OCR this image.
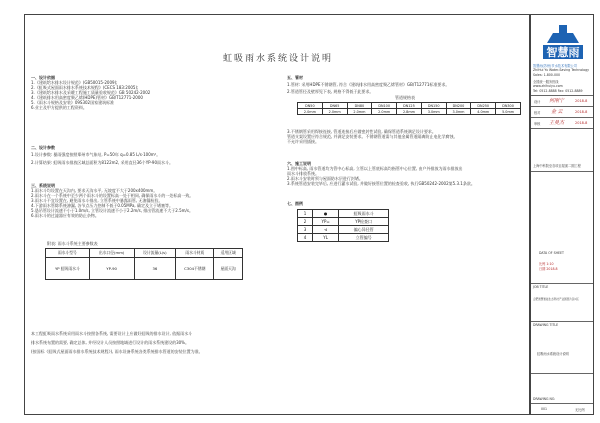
虹吸雨水系统设计说明
一、设计依据
1.《建筑给水排水设计规范》(GB50015-2009);
2.《虹吸式屋面雨水排水系统技术规程》(CECS 183:2005);
3.《建筑给水排水及采暖工程施工质量验收规范》GB 50242-2002
4.《建筑排水用高密度聚乙烯(HDPE)管材》GB/T12771-2000
5.《雨水斗规格及安装》09S302国家建筑标准
6.业主及甲方提供的工程资料。
二、设计参数
1.设计参数: 暴雨强度按照郑州市气象站, P=50年 q=0.85 L/s·100m²。
2.计算结果: 虹吸雨水排放区域总面积为8122m2, 采用直径36个YP-90雨水斗。
三、系统说明
1.雨水斗均设置在天沟内, 要求天沟水平, 无坡度不大于200x400mm。
2.雨水斗在一个系统中至少两个雨水斗的设置标高一处于相同, 确保雨水斗的一处标高一致。
3.雨水斗不宜设置在, 避免雨水斗排出, 立管系统中暴露雨管, 无渗漏检验。
4.下游雨水管除系统渗漏, 各节点压力控制不低于0.05MPa, 确定及立于堵塞等。
5.悬吊管设计流速不小于1.0m/s, 立管设计流速不小于2.2m/s, 排出管流速不大于2.5m/s。
6.雨水斗的过滤器应有效的防止杂物。
附表: 雨水斗系统主要参数表
雨水斗型号	出水口径(mm)	设计流量(L/s)	雨水斗材质	适用区域
YP 虹吸雨水斗	YP-90	36	C304不锈钢	屋面天沟
本工程虹吸雨水系统采用雨水斗按照各系统, 需要设计上应做好虹吸的排水设计, 依据雨水斗
排水系统布置的需要, 确定总体, 并经设计人员按照地域进行设计的雨水系统建设的30%。
(按国标《虹吸式屋面雨水排水系统技术规程》), 雨水设备系统各类系统排水管道的安装位置为准。
五、管材
1.管材: 采用HDPE不锈钢管, 符合《建筑排水用高密度聚乙烯管材》GB/T12771标准要求。
2.管道管径及壁厚见下表, 规格不得低于此要求。
管道规格表
DN50	DN65	DN80	DN100	DN125	DN150	DN200	DN250	DN300
2.0mm	2.0mm	2.0mm	2.0mm	2.8mm	3.0mm	3.0mm	4.0mm	5.0mm
3.不锈钢管采用焊接连接, 管道连接后应做密封性试验, 确保管道系统满足设计要求。
管道支架设置应符合规范, 并满足安装要求。不锈钢管道需与其他金属管道隔离防止电化学腐蚀。
不允许采用插接。
六、施工说明
1.图中标高, 雨水管道均为管中心标高, 立管以上管底标高均指管中心位置, 由户外排放为雨水排放出
雨水斗排放系统。
2.雨水斗安装时须与屋面防水层进行封堵。
3.系统管道安装完毕后, 应进行灌水试验, 并做好接管位置的检查验收, 执行GB50242-2002第5.3.1条款。
七、图例
1	●	虹吸雨水斗
2	YP=	YP检查口
3	⊲	偏心异径管
4	YL	立管编号
智慧雨
智慧雨(苏州)节水技术有限公司
ZhiHui Yu Water-Saving Technology
Sales: 1-800-000
全国统一服务热线
www.zhihuiyu.com
Tel: 0512-8888 Fax: 0512-8889
设计 何刚宁	2018-8
校对 金 云	2018-8
审核 王曼杰	2018-8
上海中科院至各项目屋面二期工程
DATA OF SHEET
比例 1:10
日期 2018.8
JOB TITLE
合肥智慧智能生态科技产业园西片区C区
DRAWING TITLE
虹吸雨水系统设计说明
DRAWING NO.
001	无比例
